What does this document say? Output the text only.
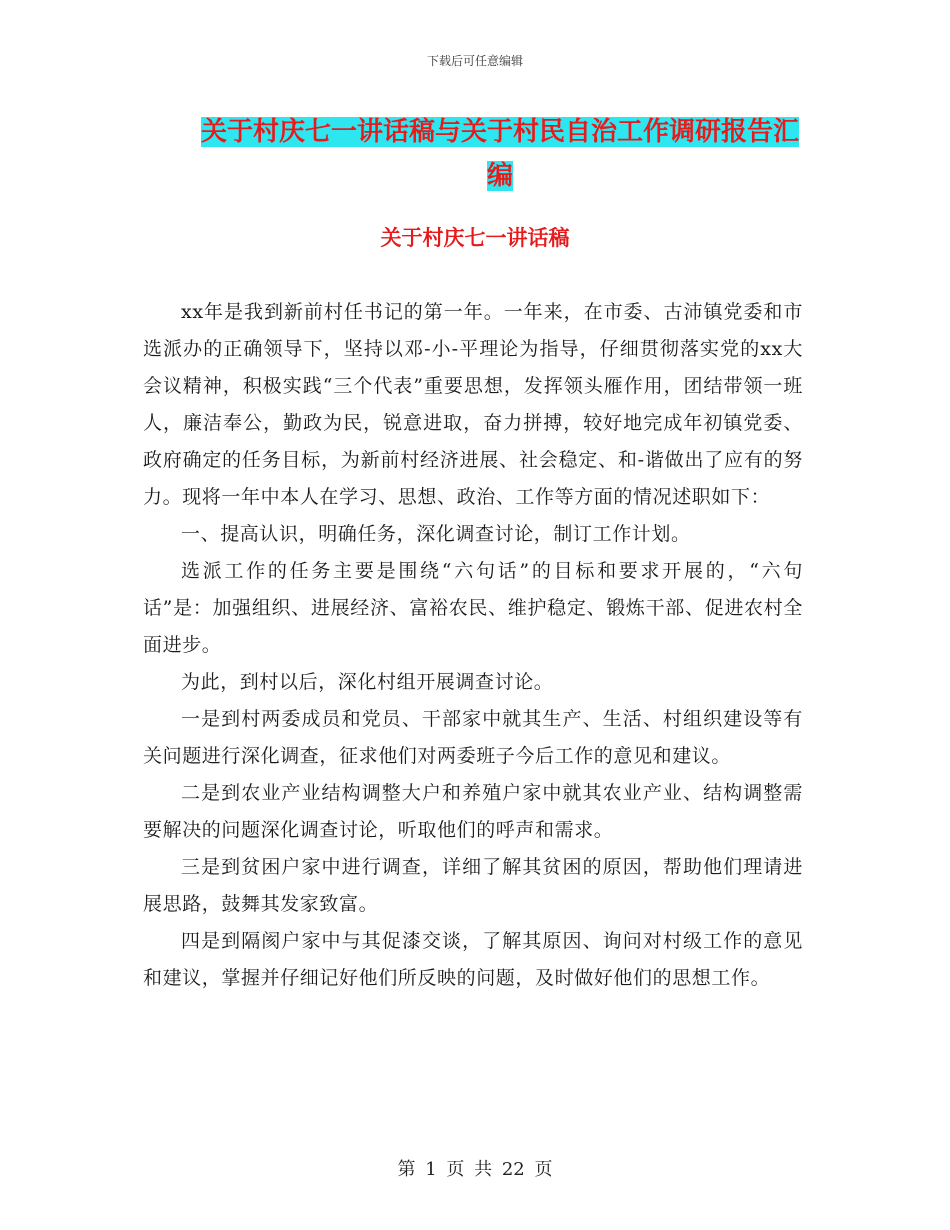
下载后可任意编辑
关于村庆七一讲话稿与关于村民自治工作调研报告汇
编
关于村庆七一讲话稿

xx年是我到新前村任书记的第一年。一年来，在市委、古沛镇党委和市选派办的正确领导下，坚持以邓-小-平理论为指导，仔细贯彻落实党的xx大会议精神，积极实践“三个代表”重要思想，发挥领头雁作用，团结带领一班人，廉洁奉公，勤政为民，锐意进取，奋力拼搏，较好地完成年初镇党委、政府确定的任务目标，为新前村经济进展、社会稳定、和-谐做出了应有的努力。现将一年中本人在学习、思想、政治、工作等方面的情况述职如下：

一、提高认识，明确任务，深化调查讨论，制订工作计划。

选派工作的任务主要是围绕“六句话”的目标和要求开展的，“六句话”是：加强组织、进展经济、富裕农民、维护稳定、锻炼干部、促进农村全面进步。

为此，到村以后，深化村组开展调查讨论。

一是到村两委成员和党员、干部家中就其生产、生活、村组织建设等有关问题进行深化调查，征求他们对两委班子今后工作的意见和建议。

二是到农业产业结构调整大户和养殖户家中就其农业产业、结构调整需要解决的问题深化调查讨论，听取他们的呼声和需求。

三是到贫困户家中进行调查，详细了解其贫困的原因，帮助他们理请进展思路，鼓舞其发家致富。

四是到隔阂户家中与其促漆交谈，了解其原因、询问对村级工作的意见和建议，掌握并仔细记好他们所反映的问题，及时做好他们的思想工作。

第 1 页 共 22 页
